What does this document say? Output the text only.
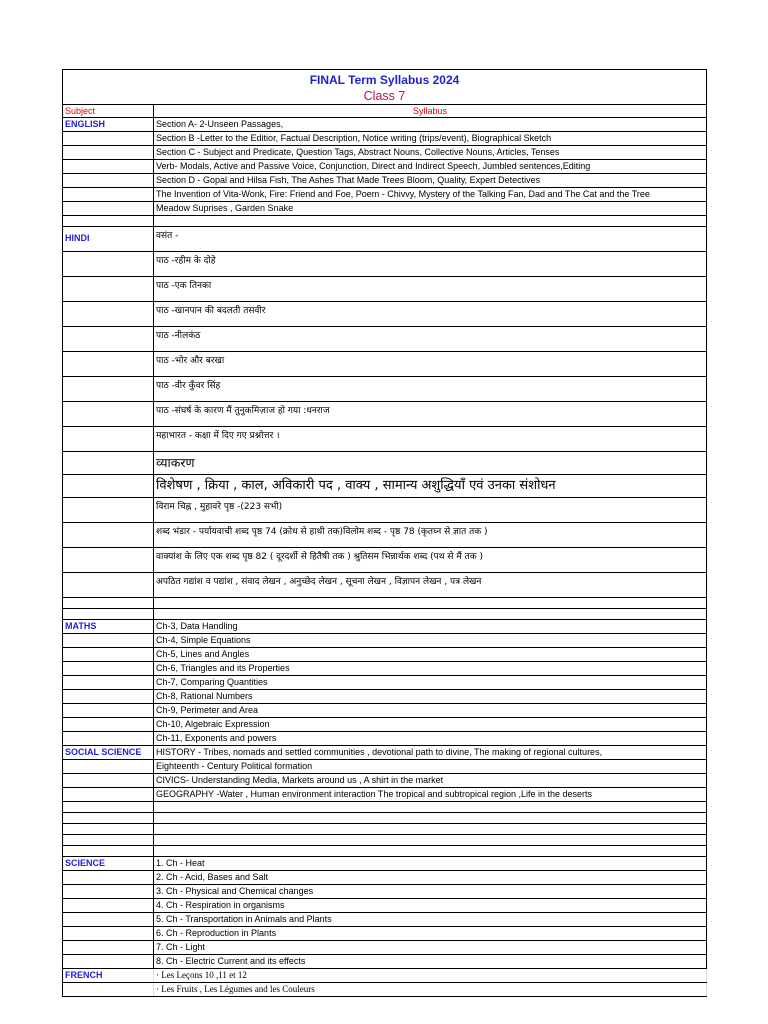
FINAL Term Syllabus 2024	
Class 7	
Subject	Syllabus
ENGLISH	Section A- 2-Unseen Passages,
	Section B -Letter to the Editior, Factual Description, Notice writing (trips/event), Biographical Sketch
	Section C - Subject and Predicate, Question Tags, Abstract Nouns, Collective Nouns, Articles, Tenses
	Verb- Modals, Active and Passive Voice, Conjunction, Direct and Indirect Speech, Jumbled sentences,Editing
	Section D - Gopal and Hilsa Fish, The Ashes That Made Trees Bloom, Quality, Expert Detectives
	The Invention of Vita-Wonk, Fire: Friend and Foe, Poem - Chivvy, Mystery of the Talking Fan, Dad and The Cat and the Tree
	Meadow Suprises , Garden Snake

HINDI	वसंत -
	पाठ -रहीम के दोहे
	पाठ -एक तिनका
	पाठ -खानपान की बदलती तसवीर
	पाठ -नीलकंठ
	पाठ -भोर और बरखा
	पाठ -वीर कुँवर सिंह
	पाठ -संघर्ष के कारण मैं तुनुकमिज़ाज हो गया :धनराज
	महाभारत - कक्षा में दिए गए प्रश्नोत्तर ।
	व्याकरण
	विशेषण , क्रिया , काल, अविकारी पद , वाक्य , सामान्य अशुद्धियाँ एवं उनका संशोधन
	विराम चिह्न , मुहावरे पृष्ठ -(223 सभी)
	शब्द भंडार - पर्यायवाची शब्द पृष्ठ 74 (क्रोध से हाथी तक)विलोम शब्द - पृष्ठ 78 (कृतघ्न से ज्ञात तक )
	वाक्यांश के लिए एक शब्द पृष्ठ 82 ( दूरदर्शी से हितैषी तक ) श्रुतिसम भिन्नार्थक शब्द (पथ से मैं तक )
	अपठित गद्यांश व पद्यांश , संवाद लेखन , अनुच्छेद लेखन , सूचना लेखन , विज्ञापन लेखन , पत्र लेखन

MATHS	Ch-3, Data Handling
	Ch-4, Simple Equations
	Ch-5, Lines and Angles
	Ch-6, Triangles and its Properties
	Ch-7, Comparing Quantities
	Ch-8, Rational Numbers
	Ch-9, Perimeter and Area
	Ch-10, Algebraic Expression
	Ch-11, Exponents and powers
SOCIAL SCIENCE	HISTORY - Tribes, nomads and settled communities , devotional path to divine, The making of regional cultures,
	Eighteenth - Century Political formation
	CIVICS- Understanding Media, Markets around us , A shirt in the market
	GEOGRAPHY -Water , Human environment interaction The tropical and subtropical region ,Life in the deserts

SCIENCE	1. Ch - Heat
	2. Ch - Acid, Bases and Salt
	3. Ch - Physical and Chemical changes
	4. Ch - Respiration in organisms
	5. Ch - Transportation in Animals and Plants
	6. Ch - Reproduction in Plants
	7. Ch - Light
	8. Ch - Electric Current and its effects
FRENCH	· Les Leçons 10 ,11 et 12
	· Les Fruits , Les Légumes and les Couleurs
